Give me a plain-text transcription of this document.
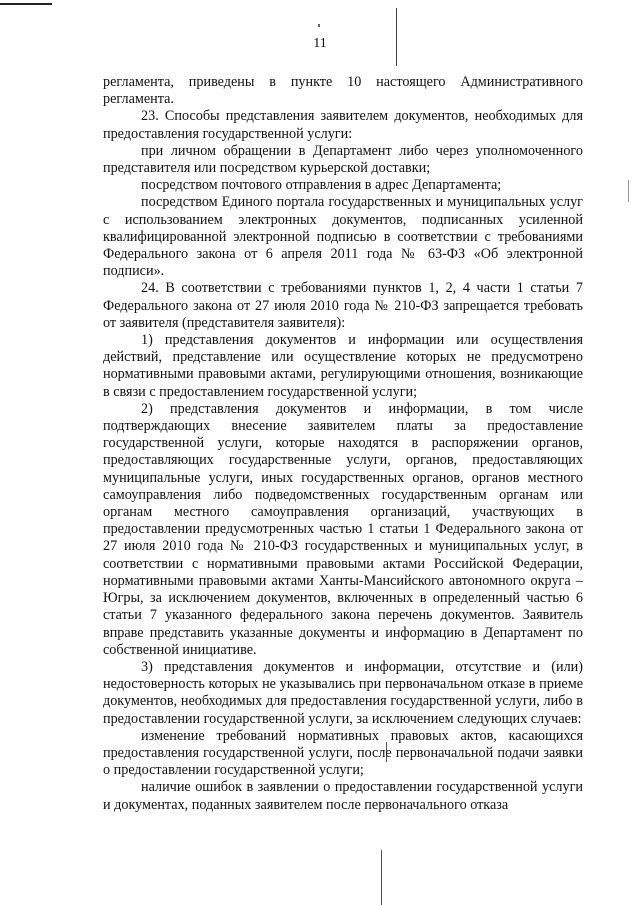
11

регламента, приведены в пункте 10 настоящего Административного регламента.

23. Способы представления заявителем документов, необходимых для предоставления государственной услуги:

при личном обращении в Департамент либо через уполномоченного представителя или посредством курьерской доставки;

посредством почтового отправления в адрес Департамента;

посредством Единого портала государственных и муниципальных услуг с использованием электронных документов, подписанных усиленной квалифицированной электронной подписью в соответствии с требованиями Федерального закона от 6 апреля 2011 года № 63-ФЗ «Об электронной подписи».

24. В соответствии с требованиями пунктов 1, 2, 4 части 1 статьи 7 Федерального закона от 27 июля 2010 года № 210-ФЗ запрещается требовать от заявителя (представителя заявителя):

1) представления документов и информации или осуществления действий, представление или осуществление которых не предусмотрено нормативными правовыми актами, регулирующими отношения, возникающие в связи с предоставлением государственной услуги;

2) представления документов и информации, в том числе подтверждающих внесение заявителем платы за предоставление государственной услуги, которые находятся в распоряжении органов, предоставляющих государственные услуги, органов, предоставляющих муниципальные услуги, иных государственных органов, органов местного самоуправления либо подведомственных государственным органам или органам местного самоуправления организаций, участвующих в предоставлении предусмотренных частью 1 статьи 1 Федерального закона от 27 июля 2010 года № 210-ФЗ государственных и муниципальных услуг, в соответствии с нормативными правовыми актами Российской Федерации, нормативными правовыми актами Ханты-Мансийского автономного округа – Югры, за исключением документов, включенных в определенный частью 6 статьи 7 указанного федерального закона перечень документов. Заявитель вправе представить указанные документы и информацию в Департамент по собственной инициативе.

3) представления документов и информации, отсутствие и (или) недостоверность которых не указывались при первоначальном отказе в приеме документов, необходимых для предоставления государственной услуги, либо в предоставлении государственной услуги, за исключением следующих случаев:

изменение требований нормативных правовых актов, касающихся предоставления государственной услуги, после первоначальной подачи заявки о предоставлении государственной услуги;

наличие ошибок в заявлении о предоставлении государственной услуги и документах, поданных заявителем после первоначального отказа
